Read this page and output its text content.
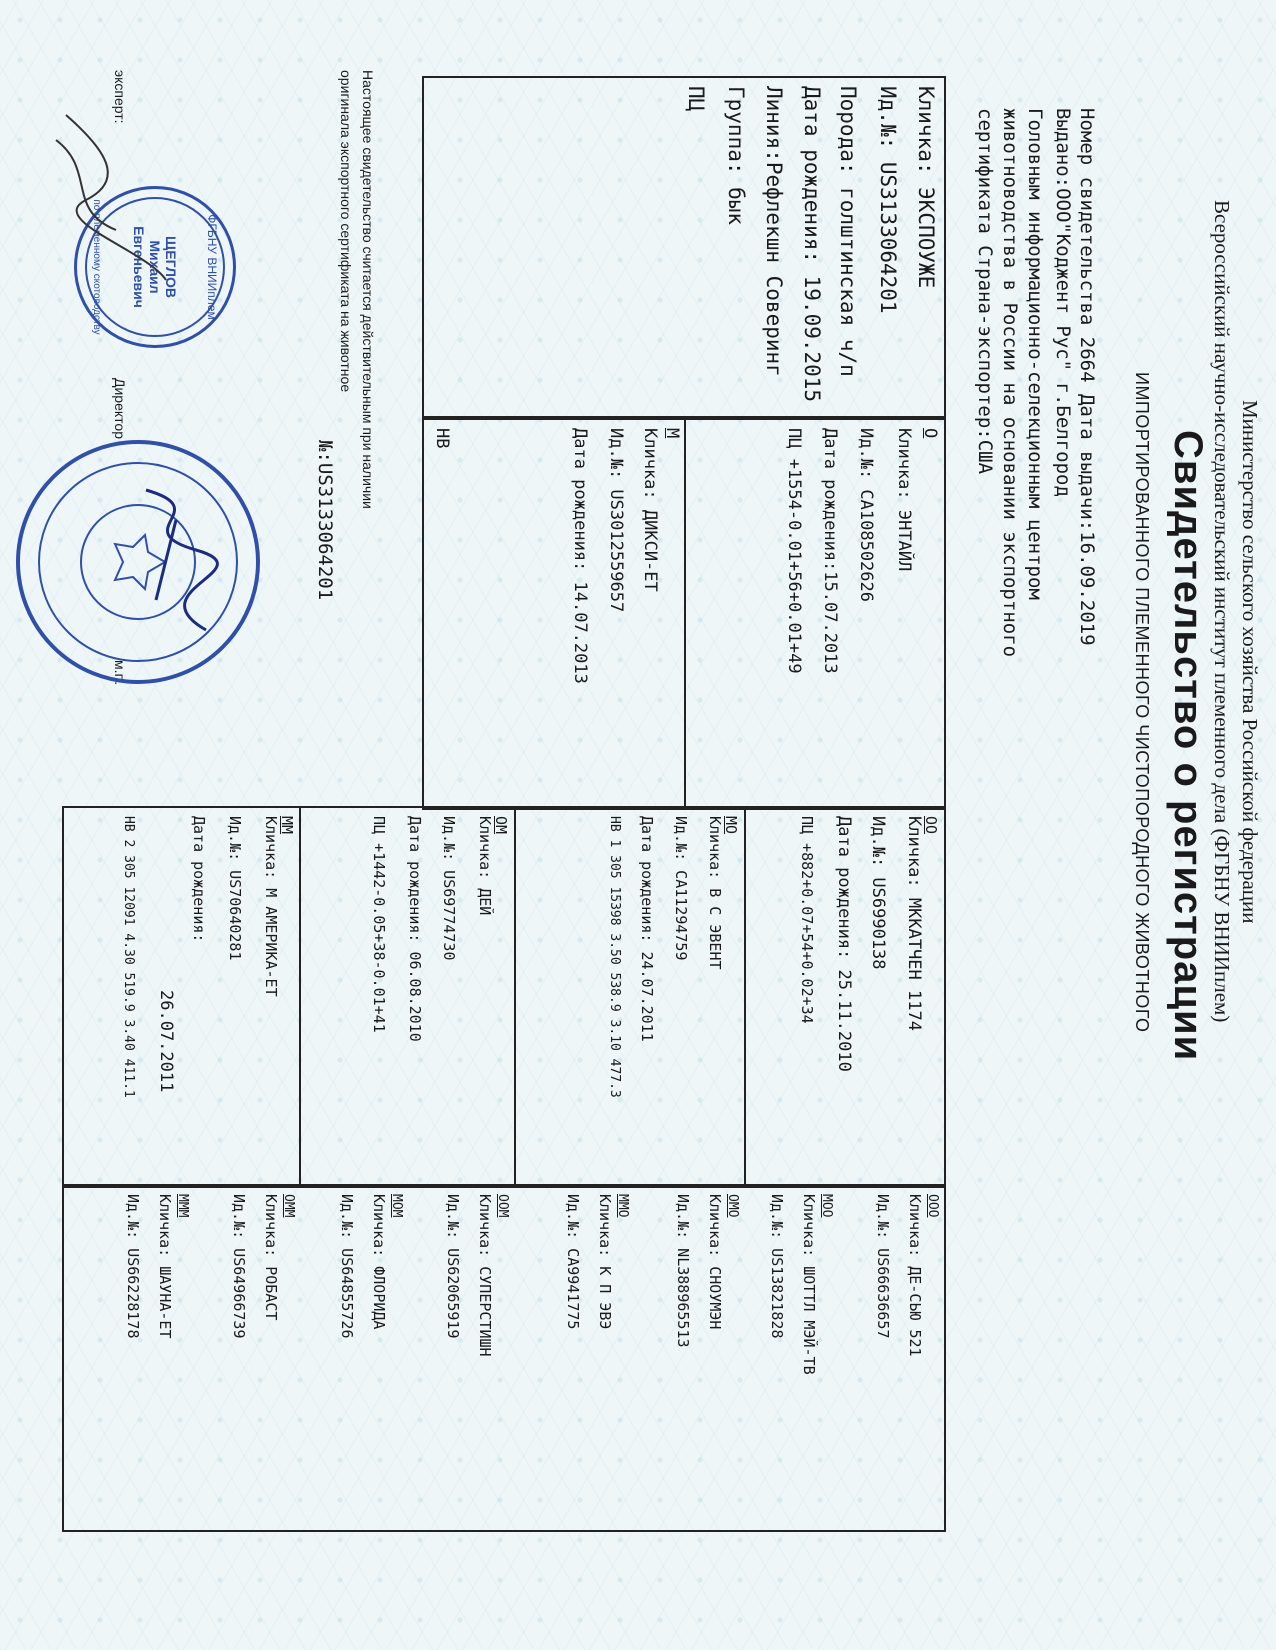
Министерство сельского хозяйства Российской федерации
Всероссийский научно-исследовательский институт племенного дела (ФГБНУ ВНИИплем)
Свидетельство о регистрации
ИМПОРТИРОВАННОГО ПЛЕМЕННОГО ЧИСТОПОРОДНОГО ЖИВОТНОГО
Номер свидетельства 2664 Дата выдачи:16.09.2019
Выдано:ООО"Коджент Рус" г.Белгород
Головным информационно-селекционным центром
животноводства в России на основании экспортного
сертификата Страна-экспортер:США
Кличка: ЭКСПОУЖЕ
Ид.№: US3133064201
Порода: голштинская ч/п
Дата рождения: 19.09.2015
Линия:Рефлекшн Соверинг
Группа: бык
ПЦ
О
Кличка: ЭНТАЙЛ
Ид.№: CA108502626
Дата рождения:15.07.2013
ПЦ +1554-0.01+56+0.01+49
М
Кличка: ДИКСИ-ЕТ
Ид.№: US3012559657
Дата рождения: 14.07.2013
НВ
ОО
Кличка: МККАТЧЕН 1174
Ид.№: US6990138
Дата рождения: 25.11.2010
ПЦ +882+0.07+54+0.02+34
МО
Кличка: В С ЭВЕНТ
Ид.№: CA11294759
Дата рождения: 24.07.2011
НВ 1 305 15398 3.50 538.9 3.10 477.3
ОМ
Кличка: ДЕЙ
Ид.№: US69774730
Дата рождения: 06.08.2010
ПЦ +1442-0.05+38-0.01+41
ММ
Кличка: М АМЕРИКА-ЕТ
Ид.№: US70640281
Дата рождения:
26.07.2011
НВ 2 305 12091 4.30 519.9 3.40 411.1
ООО
Кличка: ДЕ-СЬЮ 521
Ид.№: US66636657
МОО
Кличка: ШОТТЛ МЭЙ-ТВ
Ид.№: US13821828
ОМО
Кличка: СНОУМЭН
Ид.№: NL388965513
ММО
Кличка: К П ЭВЭ
Ид.№: CA9941775
ООМ
Кличка: СУПЕРСТИШН
Ид.№: US62065919
МОМ
Кличка: ФЛОРИДА
Ид.№: US64855726
ОММ
Кличка: РОБАСТ
Ид.№: US64966739
МММ
Кличка: ШАУНА-ЕТ
Ид.№: US66228178
Настоящее свидетельство считается действительным при наличии
оригинала экспортного сертификата на животное
№:US3133064201
эксперт:
Директор
м.п.
ФГБНУ ВНИИплем
ЩЕГЛОВ
Михаил
Евгеньевич
по племенному скотоводству
